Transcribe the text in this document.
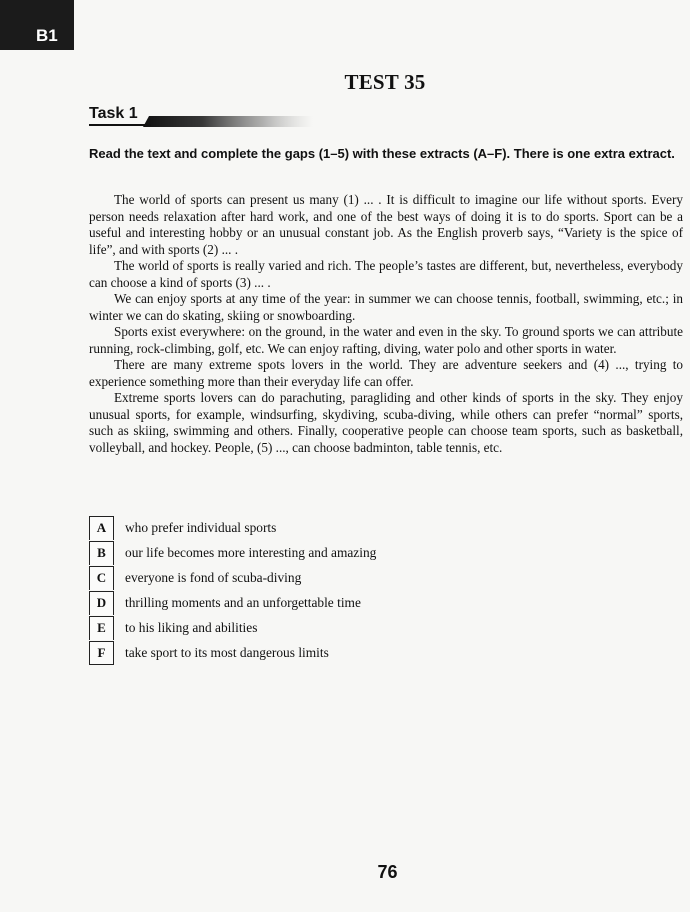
B1
TEST 35
Task 1
Read the text and complete the gaps (1–5) with these extracts (A–F). There is one extra extract.

The world of sports can present us many (1) ... . It is difficult to imagine our life without sports. Every person needs relaxation after hard work, and one of the best ways of doing it is to do sports. Sport can be a useful and interesting hobby or an unusual constant job. As the English proverb says, “Variety is the spice of life”, and with sports (2) ... .

The world of sports is really varied and rich. The people’s tastes are different, but, nevertheless, everybody can choose a kind of sports (3) ... .

We can enjoy sports at any time of the year: in summer we can choose tennis, football, swimming, etc.; in winter we can do skating, skiing or snowboarding.

Sports exist everywhere: on the ground, in the water and even in the sky. To ground sports we can attribute running, rock-climbing, golf, etc. We can enjoy rafting, diving, water polo and other sports in water.

There are many extreme spots lovers in the world. They are adventure seekers and (4) ..., trying to experience something more than their everyday life can offer.

Extreme sports lovers can do parachuting, paragliding and other kinds of sports in the sky. They enjoy unusual sports, for example, windsurfing, skydiving, scuba-diving, while others can prefer “normal” sports, such as skiing, swimming and others. Finally, cooperative people can choose team sports, such as basketball, volleyball, and hockey. People, (5) ..., can choose badminton, table tennis, etc.

A	who prefer individual sports
B	our life becomes more interesting and amazing
C	everyone is fond of scuba-diving
D	thrilling moments and an unforgettable time
E	to his liking and abilities
F	take sport to its most dangerous limits
76
